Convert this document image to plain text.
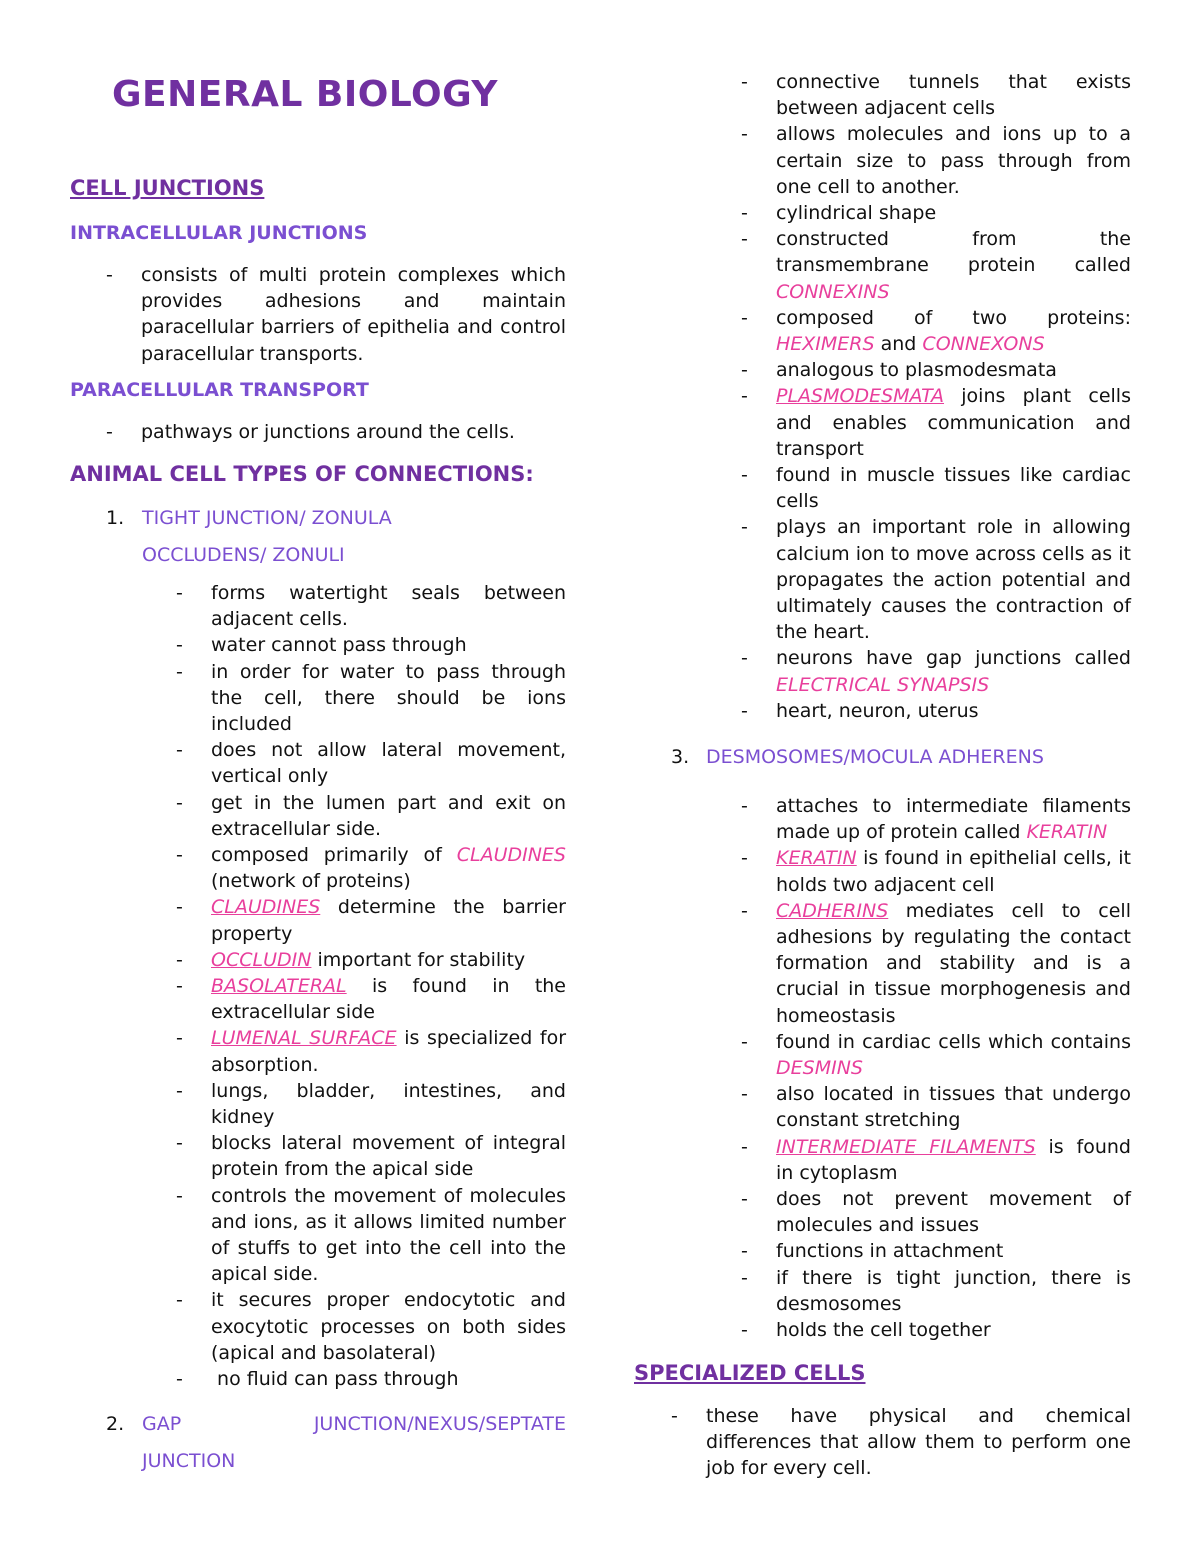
GENERAL BIOLOGY
CELL JUNCTIONS
INTRACELLULAR JUNCTIONS
- consists of multi protein complexes which provides adhesions and maintain paracellular barriers of epithelia and control paracellular transports.
PARACELLULAR TRANSPORT
- pathways or junctions around the cells.
ANIMAL CELL TYPES OF CONNECTIONS:
1. TIGHT JUNCTION/ ZONULA
OCCLUDENS/ ZONULI
- forms watertight seals between adjacent cells.
- water cannot pass through
- in order for water to pass through the cell, there should be ions included
- does not allow lateral movement, vertical only
- get in the lumen part and exit on extracellular side.
- composed primarily of CLAUDINES (network of proteins)
- CLAUDINES determine the barrier property
- OCCLUDIN important for stability
- BASOLATERAL is found in the extracellular side
- LUMENAL SURFACE is specialized for absorption.
- lungs, bladder, intestines, and kidney
- blocks lateral movement of integral protein from the apical side
- controls the movement of molecules and ions, as it allows limited number of stuffs to get into the cell into the apical side.
- it secures proper endocytotic and exocytotic processes on both sides (apical and basolateral)
- no fluid can pass through
2. GAP	JUNCTION/NEXUS/SEPTATE
JUNCTION
- connective tunnels that exists between adjacent cells
- allows molecules and ions up to a certain size to pass through from one cell to another.
- cylindrical shape
- constructed from the transmembrane protein called CONNEXINS
- composed of two proteins: HEXIMERS and CONNEXONS
- analogous to plasmodesmata
- PLASMODESMATA joins plant cells and enables communication and transport
- found in muscle tissues like cardiac cells
- plays an important role in allowing calcium ion to move across cells as it propagates the action potential and ultimately causes the contraction of the heart.
- neurons have gap junctions called ELECTRICAL SYNAPSIS
- heart, neuron, uterus
3. DESMOSOMES/MOCULA ADHERENS
- attaches to intermediate filaments made up of protein called KERATIN
- KERATIN is found in epithelial cells, it holds two adjacent cell
- CADHERINS mediates cell to cell adhesions by regulating the contact formation and stability and is a crucial in tissue morphogenesis and homeostasis
- found in cardiac cells which contains DESMINS
- also located in tissues that undergo constant stretching
- INTERMEDIATE FILAMENTS is found in cytoplasm
- does not prevent movement of molecules and issues
- functions in attachment
- if there is tight junction, there is desmosomes
- holds the cell together
SPECIALIZED CELLS
- these have physical and chemical differences that allow them to perform one job for every cell.
